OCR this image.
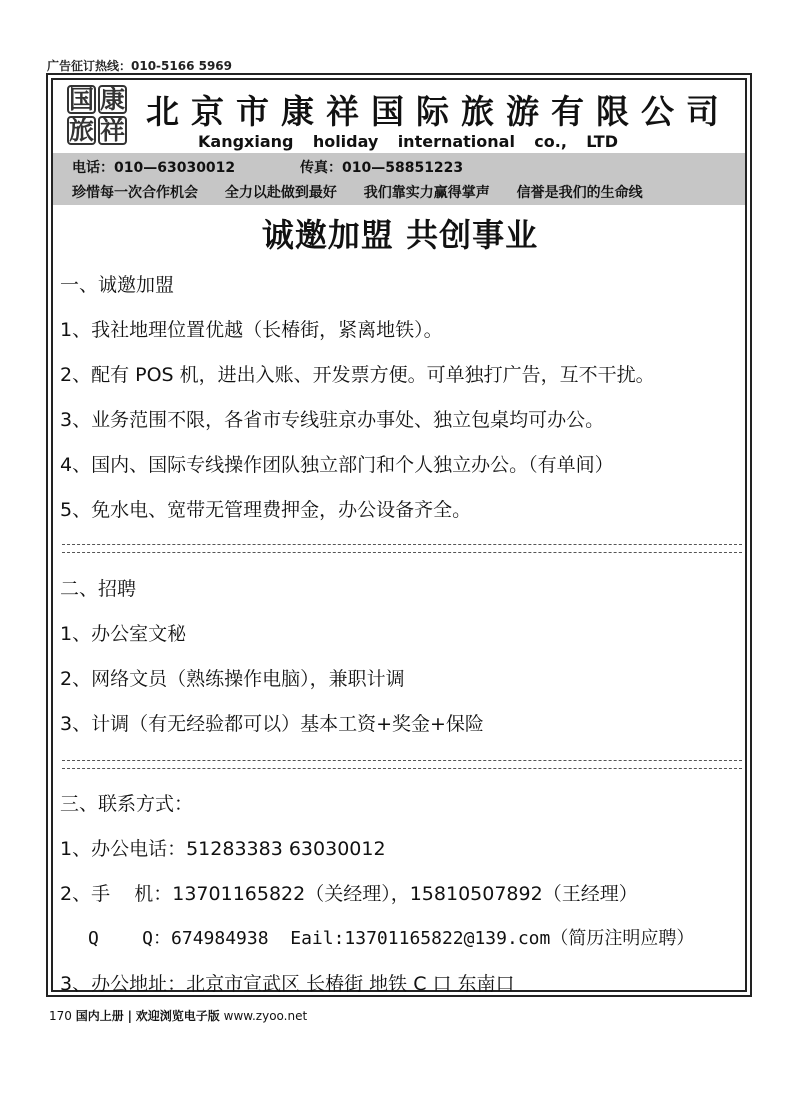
广告征订热线：010-5166 5969
国 康
旅 祥 北京市康祥国际旅游有限公司
Kangxiang holiday international co., LTD
电话：010—63030012	传真：010—58851223
珍惜每一次合作机会 全力以赴做到最好 我们靠实力赢得掌声 信誉是我们的生命线
诚邀加盟 共创事业
一、诚邀加盟
1、我社地理位置优越（长椿街，紧离地铁）。
2、配有 POS 机，进出入账、开发票方便。可单独打广告，互不干扰。
3、业务范围不限，各省市专线驻京办事处、独立包桌均可办公。
4、国内、国际专线操作团队独立部门和个人独立办公。（有单间）
5、免水电、宽带无管理费押金，办公设备齐全。
二、招聘
1、办公室文秘
2、网络文员（熟练操作电脑），兼职计调
3、计调（有无经验都可以）基本工资+奖金+保险
三、联系方式：
1、办公电话：51283383 63030012
2、手    机：13701165822（关经理），15810507892（王经理）
Q    Q：674984938  Eail:13701165822@139.com（简历注明应聘）
3、办公地址：北京市宣武区 长椿街 地铁 C 口 东南口
170 国内上册 | 欢迎浏览电子版 www.zyoo.net
